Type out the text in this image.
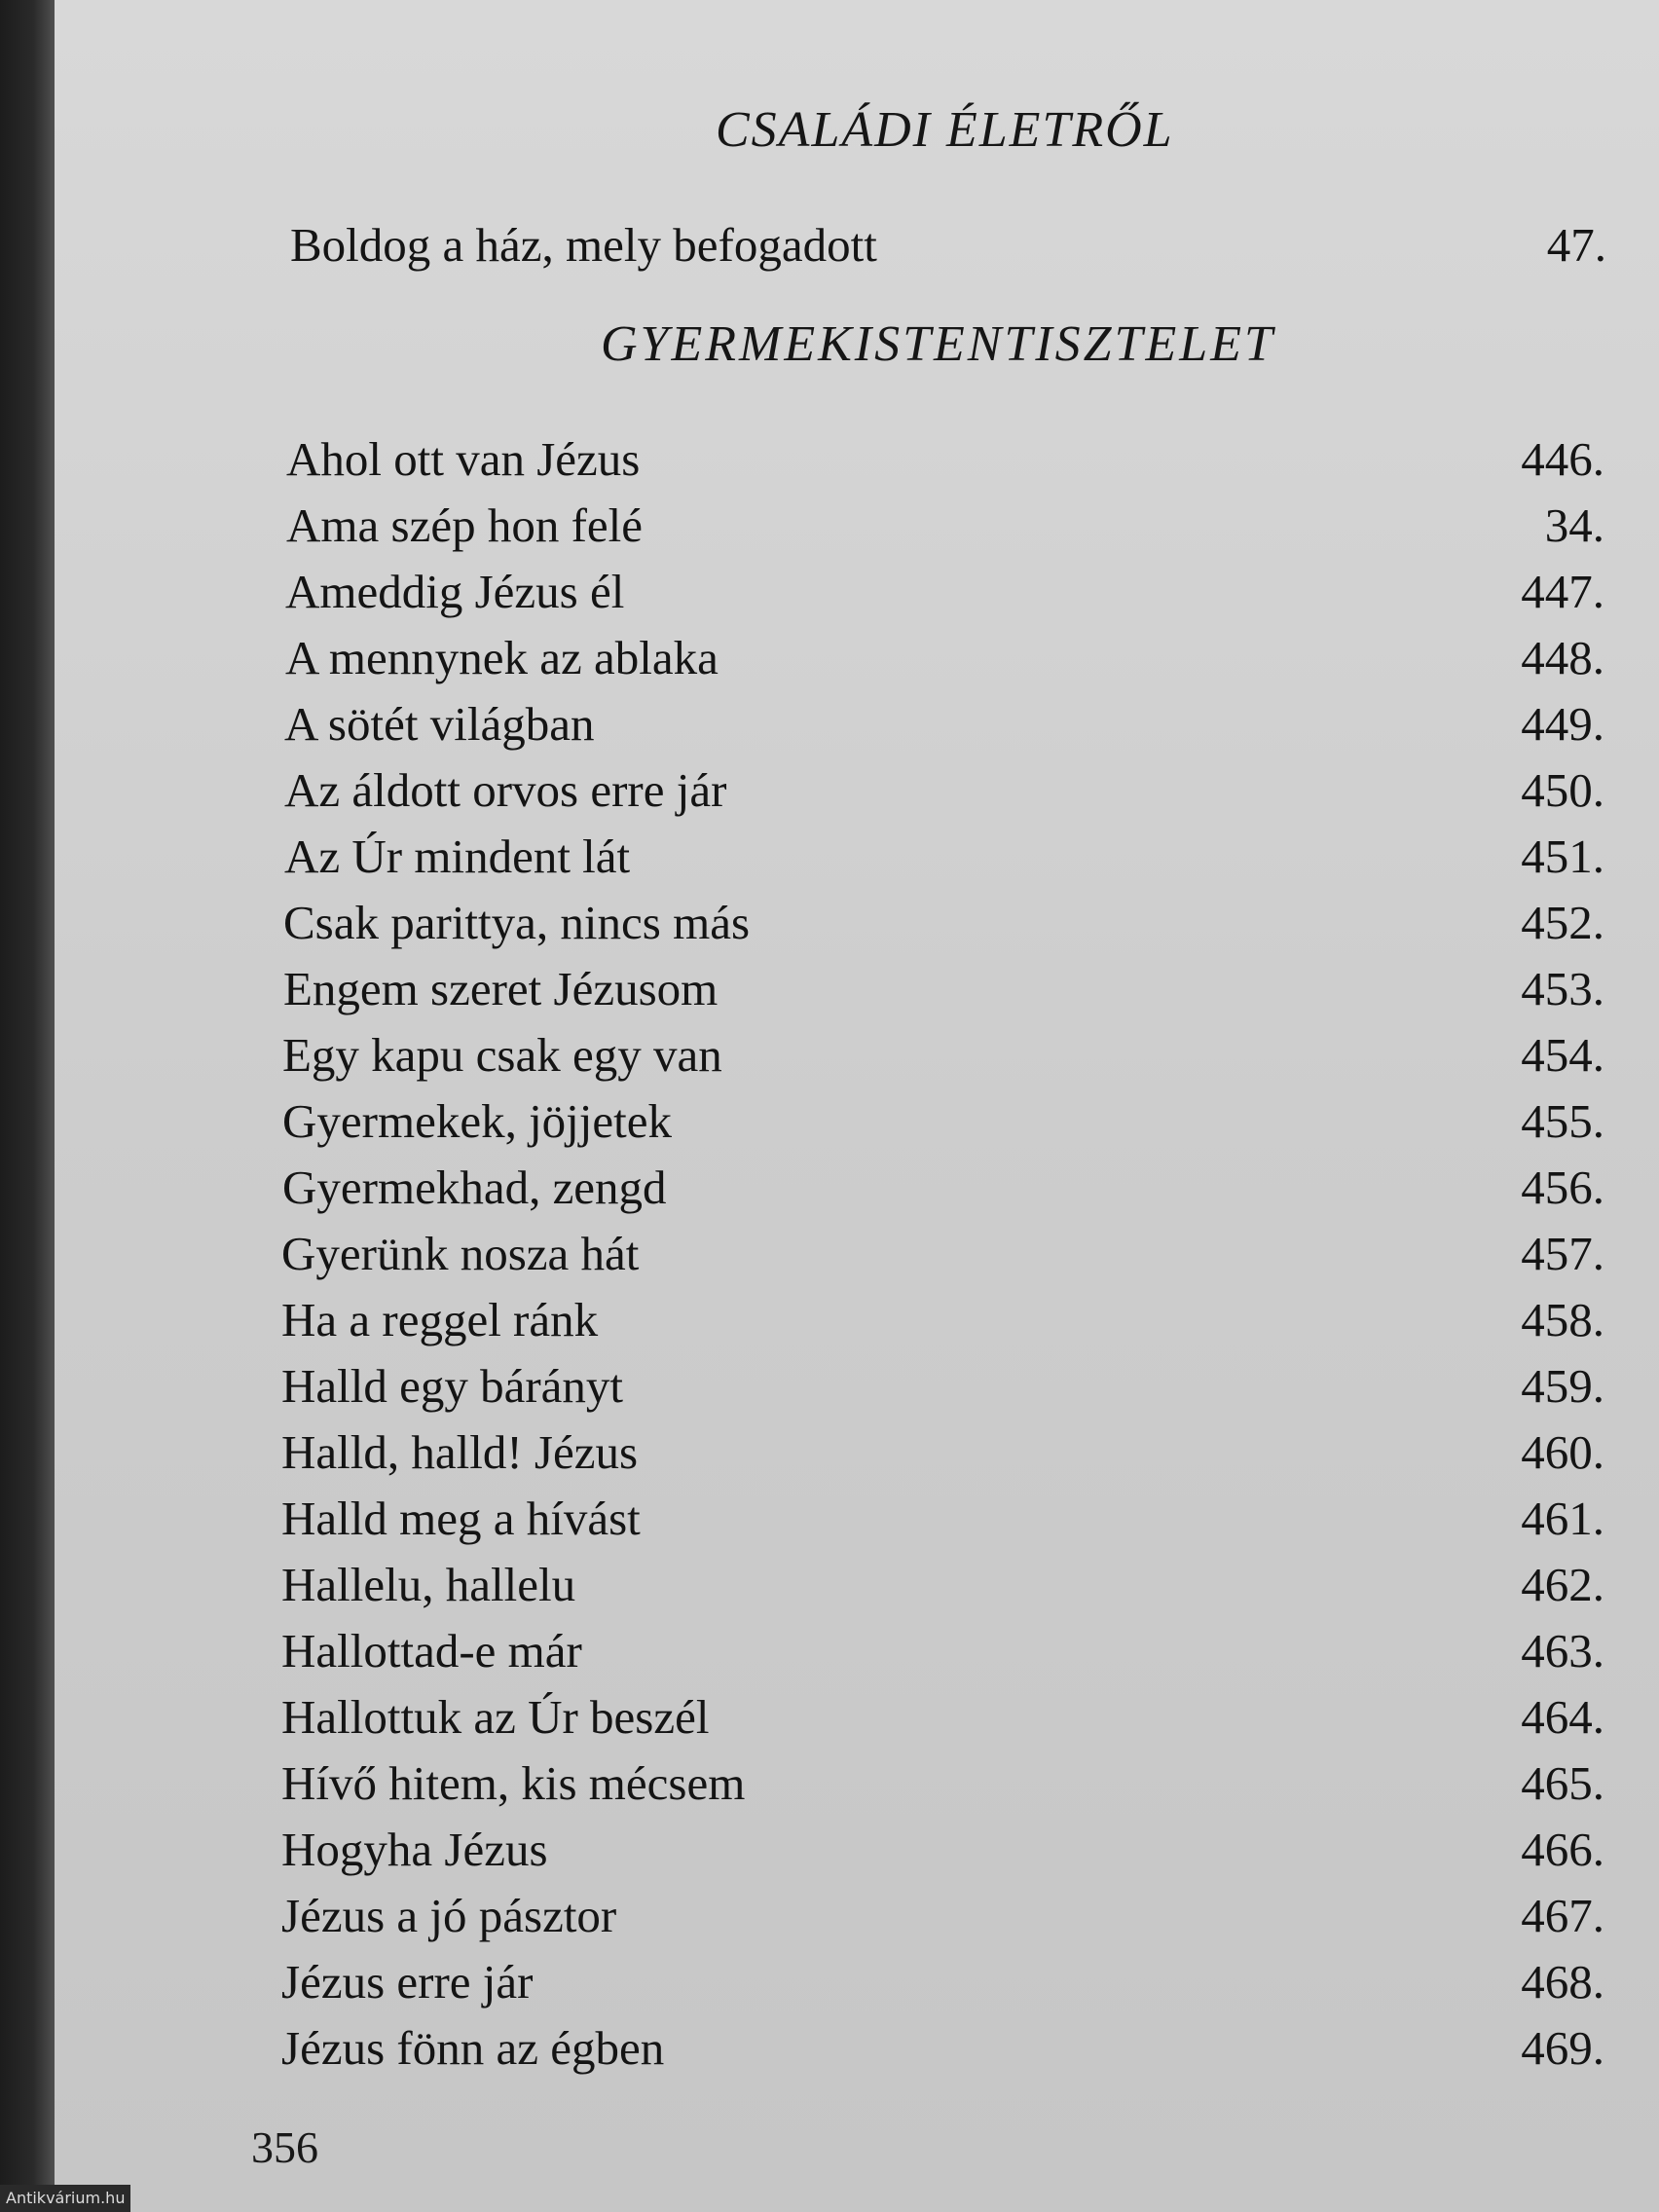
CSALÁDI ÉLETRŐL
Boldog a ház, mely befogadott	47.
GYERMEKISTENTISZTELET
Ahol ott van Jézus	446.
Ama szép hon felé	34.
Ameddig Jézus él	447.
A mennynek az ablaka	448.
A sötét világban	449.
Az áldott orvos erre jár	450.
Az Úr mindent lát	451.
Csak parittya, nincs más	452.
Engem szeret Jézusom	453.
Egy kapu csak egy van	454.
Gyermekek, jöjjetek	455.
Gyermekhad, zengd	456.
Gyerünk nosza hát	457.
Ha a reggel ránk	458.
Halld egy bárányt	459.
Halld, halld! Jézus	460.
Halld meg a hívást	461.
Hallelu, hallelu	462.
Hallottad-e már	463.
Hallottuk az Úr beszél	464.
Hívő hitem, kis mécsem	465.
Hogyha Jézus	466.
Jézus a jó pásztor	467.
Jézus erre jár	468.
Jézus fönn az égben	469.
356
Antikvárium.hu
